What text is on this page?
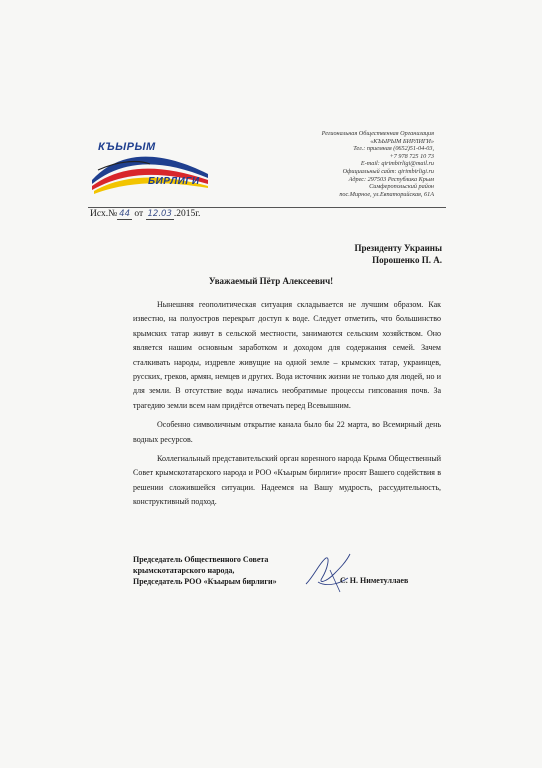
КЪЫРЫМ
БИРЛИГИ
Региональная Общественная Организация
«КЪЫРЫМ БИРЛИГИ»
Тел.: приемная (0652)51-04-03,
+7 978 725 10 73
E-mail: qirimbirligi@mail.ru
Официальный сайт: qirimbirligi.ru
Адрес: 297503 Республика Крым
Симферопольский район
пос.Мирное, ул.Евпаторийская, 61А
Исх.№ 44 от 12.03 .2015г.
Президенту Украины
Порошенко П. А.
Уважаемый Пётр Алексеевич!

Нынешняя геополитическая ситуация складывается не лучшим образом. Как известно, на полуостров перекрыт доступ к воде. Следует отметить, что большинство крымских татар живут в сельской местности, занимаются сельским хозяйством. Оно является нашим основным заработком и доходом для содержания семей. Зачем сталкивать народы, издревле живущие на одной земле – крымских татар, украинцев, русских, греков, армян, немцев и других. Вода источник жизни не только для людей, но и для земли. В отсутствие воды начались необратимые процессы гипсования почв. За трагедию земли всем нам придётся отвечать перед Всевышним.

Особенно символичным открытие канала было бы 22 марта, во Всемирный день водных ресурсов.

Коллегиальный представительский орган коренного народа Крыма Общественный Совет крымскотатарского народа и РОО «Къырым бирлиги» просят Вашего содействия в решении сложившейся ситуации. Надеемся на Вашу мудрость, рассудительность, конструктивный подход.

Председатель Общественного Совета
крымскотатарского народа,
Председатель РОО «Къырым бирлиги»	С. Н. Ниметуллаев
